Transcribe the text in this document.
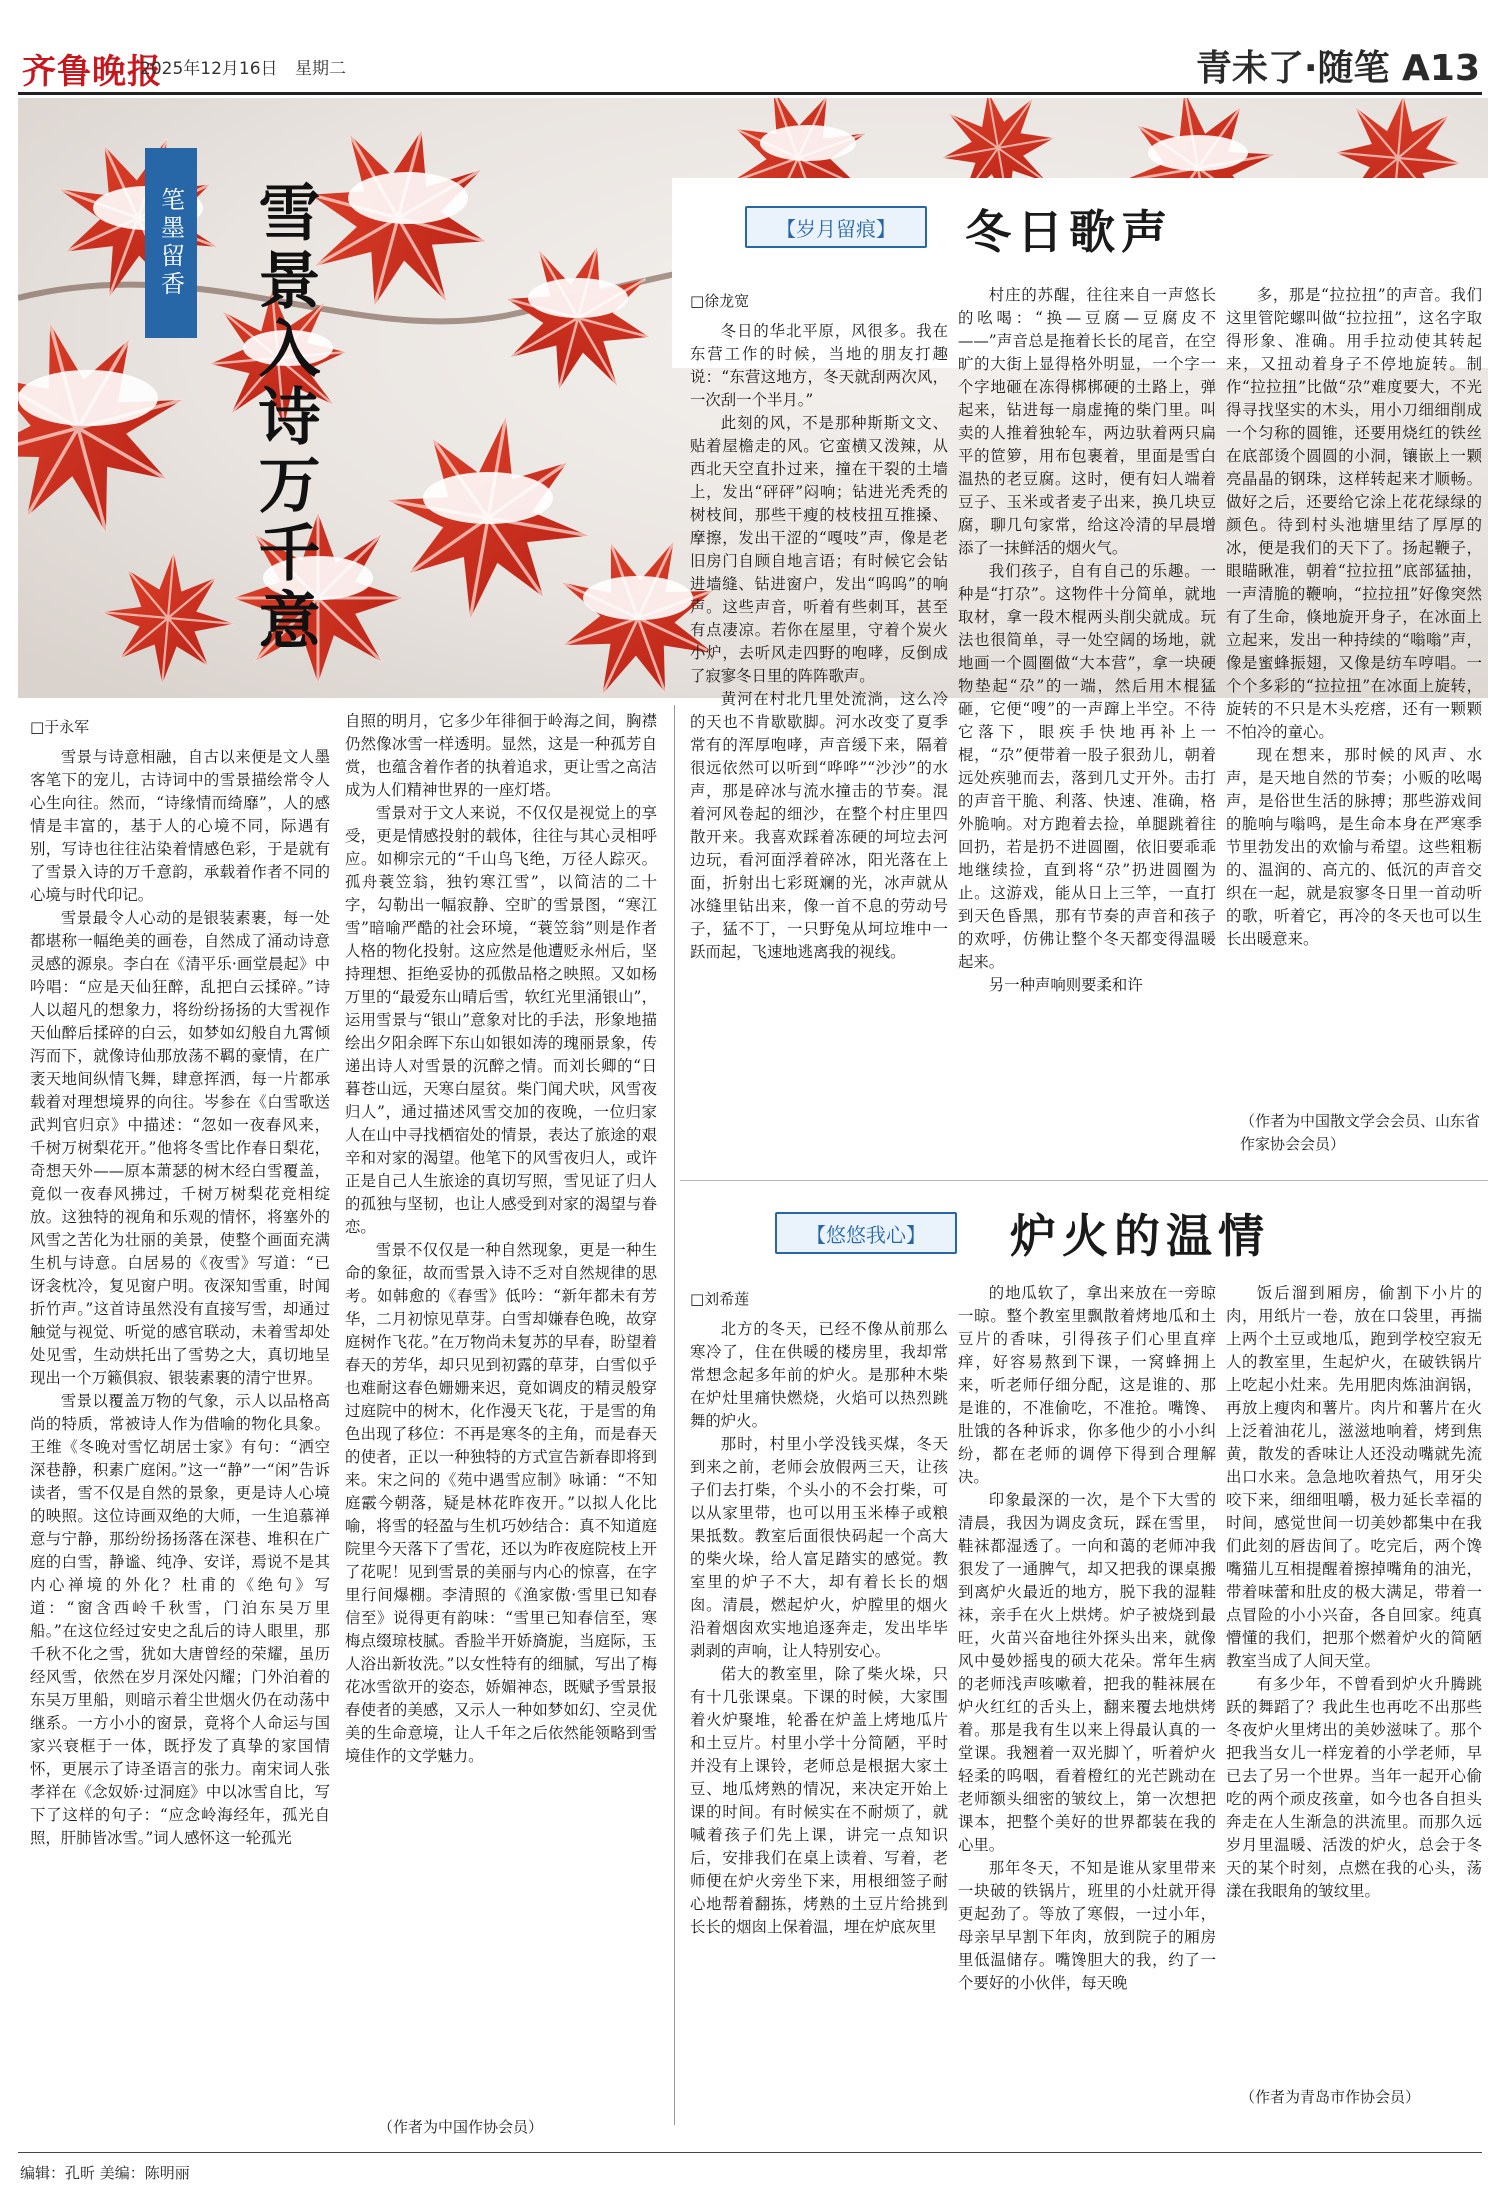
齐鲁晚报
2025年12月16日 星期二	青未了·随笔 A13
笔墨留香 雪景入诗万千意	【岁月留痕】	冬日歌声
□徐龙宽

冬日的华北平原，风很多。我在东营工作的时候，当地的朋友打趣说：“东营这地方，冬天就刮两次风，一次刮一个半月。”

此刻的风，不是那种斯斯文文、贴着屋檐走的风。它蛮横又泼辣，从西北天空直扑过来，撞在干裂的土墙上，发出“砰砰”闷响；钻进光秃秃的树枝间，那些干瘦的枝枝扭互推搡、摩擦，发出干涩的“嘎吱”声，像是老旧房门自顾自地言语；有时候它会钻进墙缝、钻进窗户，发出“呜呜”的响声。这些声音，听着有些刺耳，甚至有点凄凉。若你在屋里，守着个炭火小炉，去听风走四野的咆哮，反倒成了寂寥冬日里的阵阵歌声。

黄河在村北几里处流淌，这么冷的天也不肯歇歇脚。河水改变了夏季常有的浑厚咆哮，声音缓下来，隔着很远依然可以听到“哗哗”“沙沙”的水声，那是碎冰与流水撞击的节奏。混着河风卷起的细沙，在整个村庄里四散开来。我喜欢踩着冻硬的坷垃去河边玩，看河面浮着碎冰，阳光落在上面，折射出七彩斑斓的光，冰声就从冰缝里钻出来，像一首不息的劳动号子，猛不丁，一只野兔从坷垃堆中一跃而起，飞速地逃离我的视线。

村庄的苏醒，往往来自一声悠长的吆喝：“换—豆腐—豆腐皮不——”声音总是拖着长长的尾音，在空旷的大街上显得格外明显，一个字一个字地砸在冻得梆梆硬的土路上，弹起来，钻进每一扇虚掩的柴门里。叫卖的人推着独轮车，两边驮着两只扁平的笸箩，用布包裹着，里面是雪白温热的老豆腐。这时，便有妇人端着豆子、玉米或者麦子出来，换几块豆腐，聊几句家常，给这冷清的早晨增添了一抹鲜活的烟火气。

我们孩子，自有自己的乐趣。一种是“打尕”。这物件十分简单，就地取材，拿一段木棍两头削尖就成。玩法也很简单，寻一处空阔的场地，就地画一个圆圈做“大本营”，拿一块硬物垫起“尕”的一端，然后用木棍猛砸，它便“嗖”的一声蹿上半空。不待它落下，眼疾手快地再补上一棍，“尕”便带着一股子狠劲儿，朝着远处疾驰而去，落到几丈开外。击打的声音干脆、利落、快速、准确，格外脆响。对方跑着去捡，单腿跳着往回扔，若是扔不进圆圈，依旧要乖乖地继续捡，直到将“尕”扔进圆圈为止。这游戏，能从日上三竿，一直打到天色昏黑，那有节奏的声音和孩子的欢呼，仿佛让整个冬天都变得温暖起来。

另一种声响则要柔和许

多，那是“拉拉扭”的声音。我们这里管陀螺叫做“拉拉扭”，这名字取得形象、准确。用手拉动使其转起来，又扭动着身子不停地旋转。制作“拉拉扭”比做“尕”难度要大，不光得寻找坚实的木头，用小刀细细削成一个匀称的圆锥，还要用烧红的铁丝在底部烫个圆圆的小洞，镶嵌上一颗亮晶晶的钢珠，这样转起来才顺畅。做好之后，还要给它涂上花花绿绿的颜色。待到村头池塘里结了厚厚的冰，便是我们的天下了。扬起鞭子，眼瞄瞅准，朝着“拉拉扭”底部猛抽，一声清脆的鞭响，“拉拉扭”好像突然有了生命，倏地旋开身子，在冰面上立起来，发出一种持续的“嗡嗡”声，像是蜜蜂振翅，又像是纺车哼唱。一个个多彩的“拉拉扭”在冰面上旋转，旋转的不只是木头疙瘩，还有一颗颗不怕冷的童心。

现在想来，那时候的风声、水声，是天地自然的节奏；小贩的吆喝声，是俗世生活的脉搏；那些游戏间的脆响与嗡鸣，是生命本身在严寒季节里勃发出的欢愉与希望。这些粗粝的、温润的、高亢的、低沉的声音交织在一起，就是寂寥冬日里一首动听的歌，听着它，再冷的冬天也可以生长出暖意来。

（作者为中国散文学会会员、山东省作家协会会员）
【悠悠我心】	炉火的温情
□刘希莲

北方的冬天，已经不像从前那么寒冷了，住在供暖的楼房里，我却常常想念起多年前的炉火。是那种木柴在炉灶里痛快燃烧，火焰可以热烈跳舞的炉火。

那时，村里小学没钱买煤，冬天到来之前，老师会放假两三天，让孩子们去打柴，个头小的不会打柴，可以从家里带，也可以用玉米棒子或粮果抵数。教室后面很快码起一个高大的柴火垛，给人富足踏实的感觉。教室里的炉子不大，却有着长长的烟囱。清晨，燃起炉火，炉膛里的烟火沿着烟囱欢实地追逐奔走，发出毕毕剥剥的声响，让人特别安心。

偌大的教室里，除了柴火垛，只有十几张课桌。下课的时候，大家围着火炉聚堆，轮番在炉盖上烤地瓜片和土豆片。村里小学十分简陋，平时并没有上课铃，老师总是根据大家土豆、地瓜烤熟的情况，来决定开始上课的时间。有时候实在不耐烦了，就喊着孩子们先上课，讲完一点知识后，安排我们在桌上读着、写着，老师便在炉火旁坐下来，用根细签子耐心地帮着翻拣，烤熟的土豆片给挑到长长的烟囱上保着温，埋在炉底灰里

的地瓜软了，拿出来放在一旁晾一晾。整个教室里飘散着烤地瓜和土豆片的香味，引得孩子们心里直痒痒，好容易熬到下课，一窝蜂拥上来，听老师仔细分配，这是谁的、那是谁的，不准偷吃，不准抢。嘴馋、肚饿的各种诉求，你多他少的小小纠纷，都在老师的调停下得到合理解决。

印象最深的一次，是个下大雪的清晨，我因为调皮贪玩，踩在雪里，鞋袜都湿透了。一向和蔼的老师冲我狠发了一通脾气，却又把我的课桌搬到离炉火最近的地方，脱下我的湿鞋袜，亲手在火上烘烤。炉子被烧到最旺，火苗兴奋地往外探头出来，就像风中曼妙摇曳的硕大花朵。常年生病的老师浅声咳嗽着，把我的鞋袜展在炉火红红的舌头上，翻来覆去地烘烤着。那是我有生以来上得最认真的一堂课。我翘着一双光脚丫，听着炉火轻柔的呜咽，看着橙红的光芒跳动在老师额头细密的皱纹上，第一次想把课本，把整个美好的世界都装在我的心里。

那年冬天，不知是谁从家里带来一块破的铁锅片，班里的小灶就开得更起劲了。等放了寒假，一过小年，母亲早早割下年肉，放到院子的厢房里低温储存。嘴馋胆大的我，约了一个要好的小伙伴，每天晚

饭后溜到厢房，偷割下小片的肉，用纸片一卷，放在口袋里，再揣上两个土豆或地瓜，跑到学校空寂无人的教室里，生起炉火，在破铁锅片上吃起小灶来。先用肥肉炼油润锅，再放上瘦肉和薯片。肉片和薯片在火上泛着油花儿，滋滋地响着，烤到焦黄，散发的香味让人还没动嘴就先流出口水来。急急地吹着热气，用牙尖咬下来，细细咀嚼，极力延长幸福的时间，感觉世间一切美妙都集中在我们此刻的唇齿间了。吃完后，两个馋嘴猫儿互相提醒着擦掉嘴角的油光，带着味蕾和肚皮的极大满足，带着一点冒险的小小兴奋，各自回家。纯真懵懂的我们，把那个燃着炉火的简陋教室当成了人间天堂。

有多少年，不曾看到炉火升腾跳跃的舞蹈了？我此生也再吃不出那些冬夜炉火里烤出的美妙滋味了。那个把我当女儿一样宠着的小学老师，早已去了另一个世界。当年一起开心偷吃的两个顽皮孩童，如今也各自担头奔走在人生渐急的洪流里。而那久远岁月里温暖、活泼的炉火，总会于冬天的某个时刻，点燃在我的心头，荡漾在我眼角的皱纹里。

（作者为青岛市作协会员）
□于永军

雪景与诗意相融，自古以来便是文人墨客笔下的宠儿，古诗词中的雪景描绘常令人心生向往。然而，“诗缘情而绮靡”，人的感情是丰富的，基于人的心境不同，际遇有别，写诗也往往沾染着情感色彩，于是就有了雪景入诗的万千意韵，承载着作者不同的心境与时代印记。

雪景最令人心动的是银装素裹，每一处都堪称一幅绝美的画卷，自然成了涌动诗意灵感的源泉。李白在《清平乐·画堂晨起》中吟唱：“应是天仙狂醉，乱把白云揉碎。”诗人以超凡的想象力，将纷纷扬扬的大雪视作天仙醉后揉碎的白云，如梦如幻般自九霄倾泻而下，就像诗仙那放荡不羁的豪情，在广袤天地间纵情飞舞，肆意挥洒，每一片都承载着对理想境界的向往。岑参在《白雪歌送武判官归京》中描述：“忽如一夜春风来，千树万树梨花开。”他将冬雪比作春日梨花，奇想天外——原本萧瑟的树木经白雪覆盖，竟似一夜春风拂过，千树万树梨花竞相绽放。这独特的视角和乐观的情怀，将塞外的风雪之苦化为壮丽的美景，使整个画面充满生机与诗意。白居易的《夜雪》写道：“已讶衾枕冷，复见窗户明。夜深知雪重，时闻折竹声。”这首诗虽然没有直接写雪，却通过触觉与视觉、听觉的感官联动，未着雪却处处见雪，生动烘托出了雪势之大，真切地呈现出一个万籁俱寂、银装素裹的清宁世界。

雪景以覆盖万物的气象，示人以品格高尚的特质，常被诗人作为借喻的物化具象。王维《冬晚对雪忆胡居士家》有句：“洒空深巷静，积素广庭闲。”这一“静”一“闲”告诉读者，雪不仅是自然的景象，更是诗人心境的映照。这位诗画双绝的大师，一生追慕禅意与宁静，那纷纷扬扬落在深巷、堆积在广庭的白雪，静谧、纯净、安详，焉说不是其内心禅境的外化？杜甫的《绝句》写道：“窗含西岭千秋雪，门泊东吴万里船。”在这位经过安史之乱后的诗人眼里，那千秋不化之雪，犹如大唐曾经的荣耀，虽历经风雪，依然在岁月深处闪耀；门外泊着的东吴万里船，则暗示着尘世烟火仍在动荡中继系。一方小小的窗景，竟将个人命运与国家兴衰框于一体，既抒发了真挚的家国情怀，更展示了诗圣语言的张力。南宋词人张孝祥在《念奴娇·过洞庭》中以冰雪自比，写下了这样的句子：“应念岭海经年，孤光自照，肝肺皆冰雪。”词人感怀这一轮孤光

自照的明月，它多少年徘徊于岭海之间，胸襟仍然像冰雪一样透明。显然，这是一种孤芳自赏，也蕴含着作者的执着追求，更让雪之高洁成为人们精神世界的一座灯塔。

雪景对于文人来说，不仅仅是视觉上的享受，更是情感投射的载体，往往与其心灵相呼应。如柳宗元的“千山鸟飞绝，万径人踪灭。孤舟蓑笠翁，独钓寒江雪”，以简洁的二十字，勾勒出一幅寂静、空旷的雪景图，“寒江雪”暗喻严酷的社会环境，“蓑笠翁”则是作者人格的物化投射。这应然是他遭贬永州后，坚持理想、拒绝妥协的孤傲品格之映照。又如杨万里的“最爱东山晴后雪，软红光里涌银山”，运用雪景与“银山”意象对比的手法，形象地描绘出夕阳余晖下东山如银如涛的瑰丽景象，传递出诗人对雪景的沉醉之情。而刘长卿的“日暮苍山远，天寒白屋贫。柴门闻犬吠，风雪夜归人”，通过描述风雪交加的夜晚，一位归家人在山中寻找栖宿处的情景，表达了旅途的艰辛和对家的渴望。他笔下的风雪夜归人，或许正是自己人生旅途的真切写照，雪见证了归人的孤独与坚韧，也让人感受到对家的渴望与眷恋。

雪景不仅仅是一种自然现象，更是一种生命的象征，故而雪景入诗不乏对自然规律的思考。如韩愈的《春雪》低吟：“新年都未有芳华，二月初惊见草芽。白雪却嫌春色晚，故穿庭树作飞花。”在万物尚未复苏的早春，盼望着春天的芳华，却只见到初露的草芽，白雪似乎也难耐这春色姗姗来迟，竟如调皮的精灵般穿过庭院中的树木，化作漫天飞花，于是雪的角色出现了移位：不再是寒冬的主角，而是春天的使者，正以一种独特的方式宣告新春即将到来。宋之问的《苑中遇雪应制》咏诵：“不知庭霰今朝落，疑是林花昨夜开。”以拟人化比喻，将雪的轻盈与生机巧妙结合：真不知道庭院里今天落下了雪花，还以为昨夜庭院枝上开了花呢！见到雪景的美丽与内心的惊喜，在字里行间爆棚。李清照的《渔家傲·雪里已知春信至》说得更有韵味：“雪里已知春信至，寒梅点缀琼枝腻。香脸半开娇旖旎，当庭际，玉人浴出新妆洗。”以女性特有的细腻，写出了梅花冰雪欲开的姿态，娇媚神态，既赋予雪景报春使者的美感，又示人一种如梦如幻、空灵优美的生命意境，让人千年之后依然能领略到雪境佳作的文学魅力。

（作者为中国作协会员）
编辑：孔昕 美编：陈明丽
